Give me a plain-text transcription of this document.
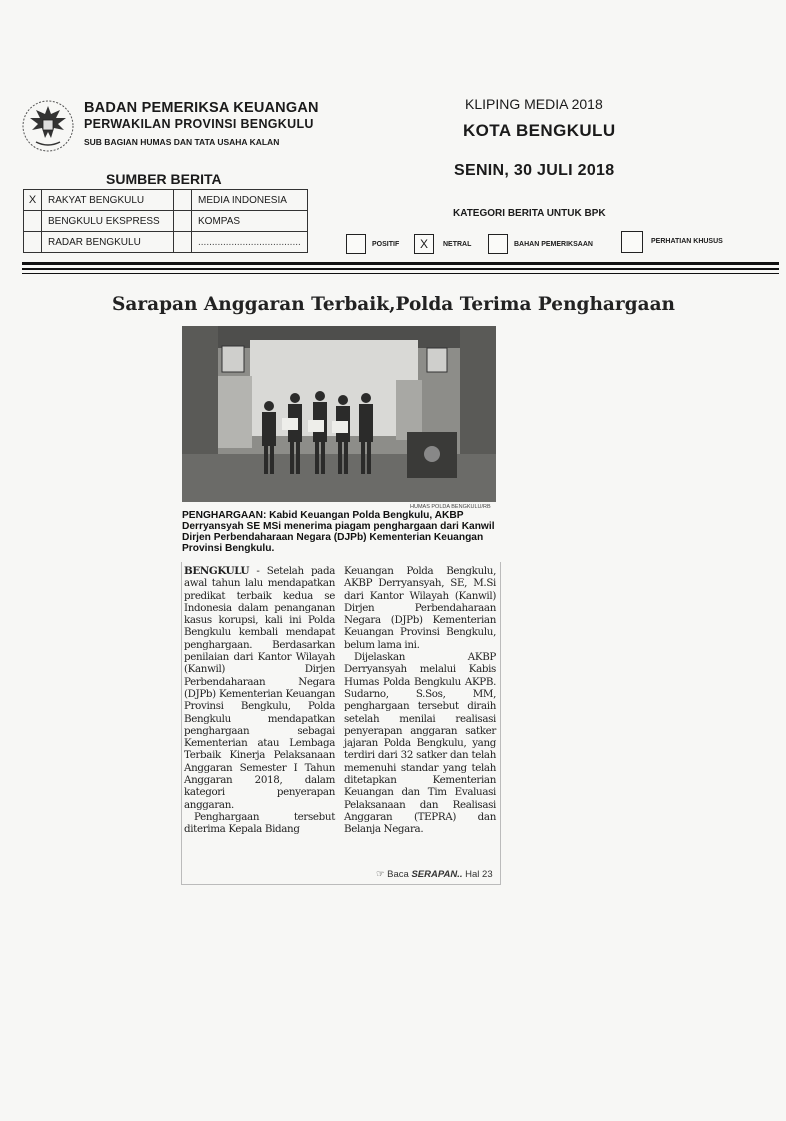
BADAN PEMERIKSA KEUANGAN
PERWAKILAN PROVINSI BENGKULU
SUB BAGIAN HUMAS DAN TATA USAHA KALAN
KLIPING MEDIA 2018
KOTA BENGKULU
SENIN, 30 JULI 2018
SUMBER BERITA
X	RAKYAT BENGKULU		MEDIA INDONESIA
	BENGKULU EKSPRESS		KOMPAS
	RADAR BENGKULU		.....................................
KATEGORI BERITA UNTUK BPK
POSITIF	X	NETRAL	BAHAN PEMERIKSAAN	PERHATIAN KHUSUS
Sarapan Anggaran Terbaik,Polda Terima Penghargaan
HUMAS POLDA BENGKULU/RB
PENGHARGAAN: Kabid Keuangan Polda Bengkulu, AKBP Derryansyah SE MSi menerima piagam penghargaan dari Kanwil Dirjen Perbendaharaan Negara (DJPb) Kementerian Keuangan Provinsi Bengkulu.

BENGKULU - Setelah pada awal tahun lalu mendapatkan predikat terbaik kedua se Indonesia dalam penanganan kasus korupsi, kali ini Polda Bengkulu kembali mendapat penghargaan. Berdasarkan penilaian dari Kantor Wilayah (Kanwil) Dirjen Perbendaharaan Negara (DJPb) Kementerian Keuangan Provinsi Bengkulu, Polda Bengkulu mendapatkan penghargaan sebagai Kementerian atau Lembaga Terbaik Kinerja Pelaksanaan Anggaran Semester I Tahun Anggaran 2018, dalam kategori penyerapan anggaran.

Penghargaan tersebut diterima Kepala Bidang

Keuangan Polda Bengkulu, AKBP Derryansyah, SE, M.Si dari Kantor Wilayah (Kanwil) Dirjen Perbendaharaan Negara (DJPb) Kementerian Keuangan Provinsi Bengkulu, belum lama ini.

Dijelaskan AKBP Derryansyah melalui Kabis Humas Polda Bengkulu AKPB. Sudarno, S.Sos, MM, penghargaan tersebut diraih setelah menilai realisasi penyerapan anggaran satker jajaran Polda Bengkulu, yang terdiri dari 32 satker dan telah memenuhi standar yang telah ditetapkan Kementerian Keuangan dan Tim Evaluasi Pelaksanaan dan Realisasi Anggaran (TEPRA) dan Belanja Negara.

☞ Baca SERAPAN.. Hal 23
